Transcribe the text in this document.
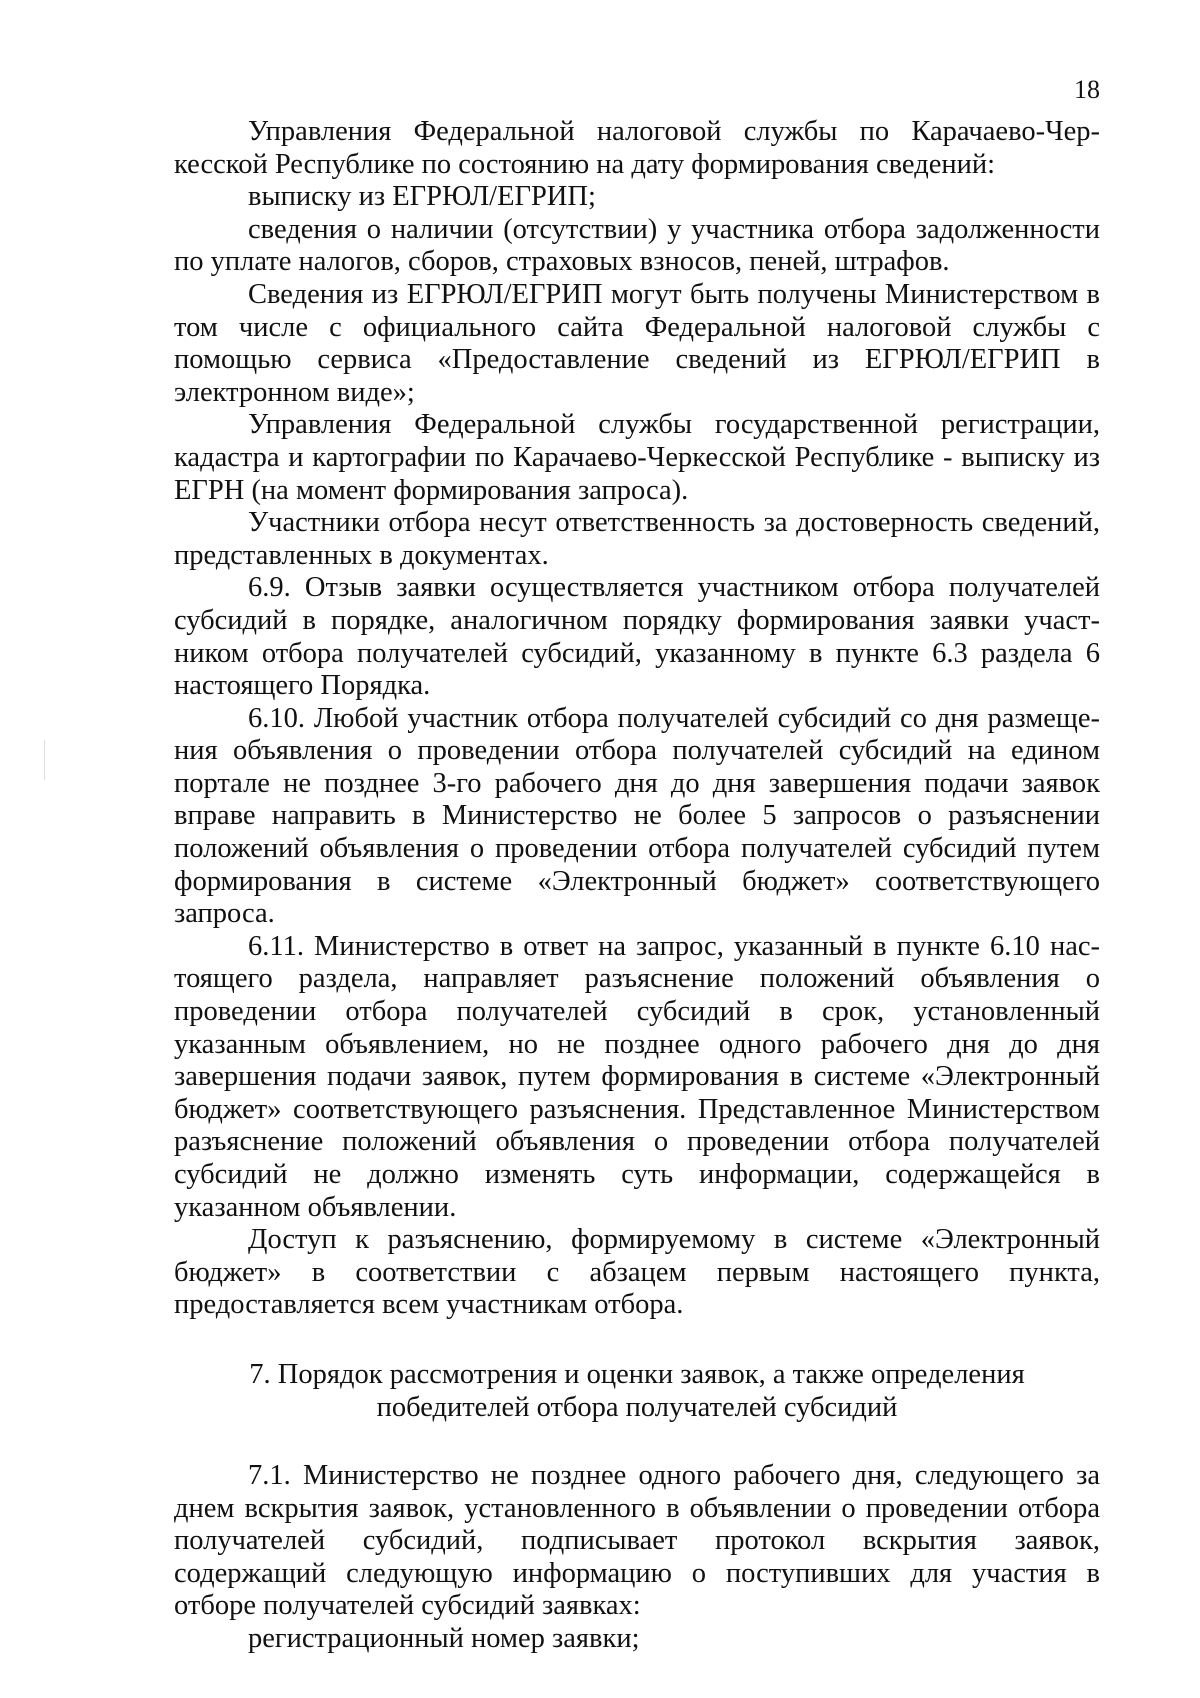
18

Управления Федеральной налоговой службы по Карачаево-Черкесской Республике по состоянию на дату формирования сведений:

выписку из ЕГРЮЛ/ЕГРИП;

сведения о наличии (отсутствии) у участника отбора задолженности по уплате налогов, сборов, страховых взносов, пеней, штрафов.

Сведения из ЕГРЮЛ/ЕГРИП могут быть получены Министерством в том числе с официального сайта Федеральной налоговой службы с помощью сервиса «Предоставление сведений из ЕГРЮЛ/ЕГРИП в электронном виде»;

Управления Федеральной службы государственной регистрации, кадастра и картографии по Карачаево-Черкесской Республике - выписку из ЕГРН (на момент формирования запроса).

Участники отбора несут ответственность за достоверность сведений, представленных в документах.

6.9. Отзыв заявки осуществляется участником отбора получателей субсидий в порядке, аналогичном порядку формирования заявки участником отбора получателей субсидий, указанному в пункте 6.3 раздела 6 настоящего Порядка.

6.10. Любой участник отбора получателей субсидий со дня размещения объявления о проведении отбора получателей субсидий на едином портале не позднее 3-го рабочего дня до дня завершения подачи заявок вправе направить в Министерство не более 5 запросов о разъяснении положений объявления о проведении отбора получателей субсидий путем формирования в системе «Электронный бюджет» соответствующего запроса.

6.11. Министерство в ответ на запрос, указанный в пункте 6.10 настоящего раздела, направляет разъяснение положений объявления о проведении отбора получателей субсидий в срок, установленный указанным объявлением, но не позднее одного рабочего дня до дня завершения подачи заявок, путем формирования в системе «Электронный бюджет» соответствующего разъяснения. Представленное Министерством разъяснение положений объявления о проведении отбора получателей субсидий не должно изменять суть информации, содержащейся в указанном объявлении.

Доступ к разъяснению, формируемому в системе «Электронный бюджет» в соответствии с абзацем первым настоящего пункта, предоставляется всем участникам отбора.

7. Порядок рассмотрения и оценки заявок, а также определения
победителей отбора получателей субсидий

7.1. Министерство не позднее одного рабочего дня, следующего за днем вскрытия заявок, установленного в объявлении о проведении отбора получателей субсидий, подписывает протокол вскрытия заявок, содержащий следующую информацию о поступивших для участия в отборе получателей субсидий заявках:

регистрационный номер заявки;
